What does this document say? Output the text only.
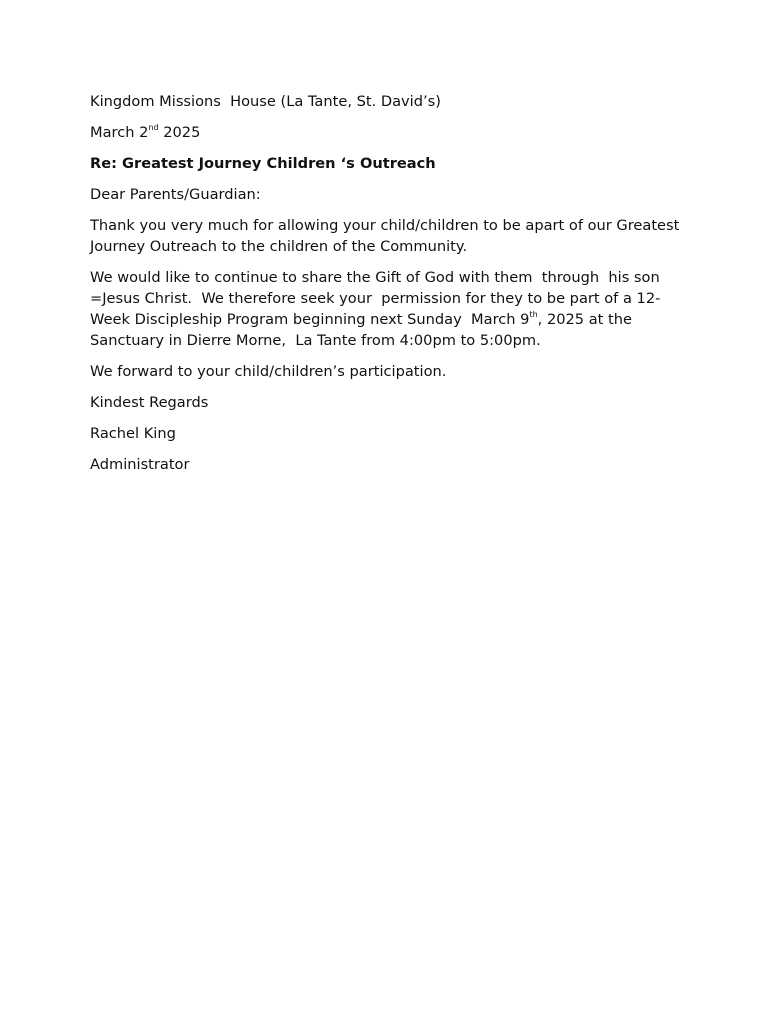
Kingdom Missions  House (La Tante, St. David’s)

March 2nd 2025

Re: Greatest Journey Children ‘s Outreach

Dear Parents/Guardian:

Thank you very much for allowing your child/children to be apart of our Greatest Journey Outreach to the children of the Community.

We would like to continue to share the Gift of God with them  through  his son =Jesus Christ.  We therefore seek your  permission for they to be part of a 12-Week Discipleship Program beginning next Sunday  March 9th, 2025 at the Sanctuary in Dierre Morne,  La Tante from 4:00pm to 5:00pm.

We forward to your child/children’s participation.

Kindest Regards

Rachel King

Administrator
